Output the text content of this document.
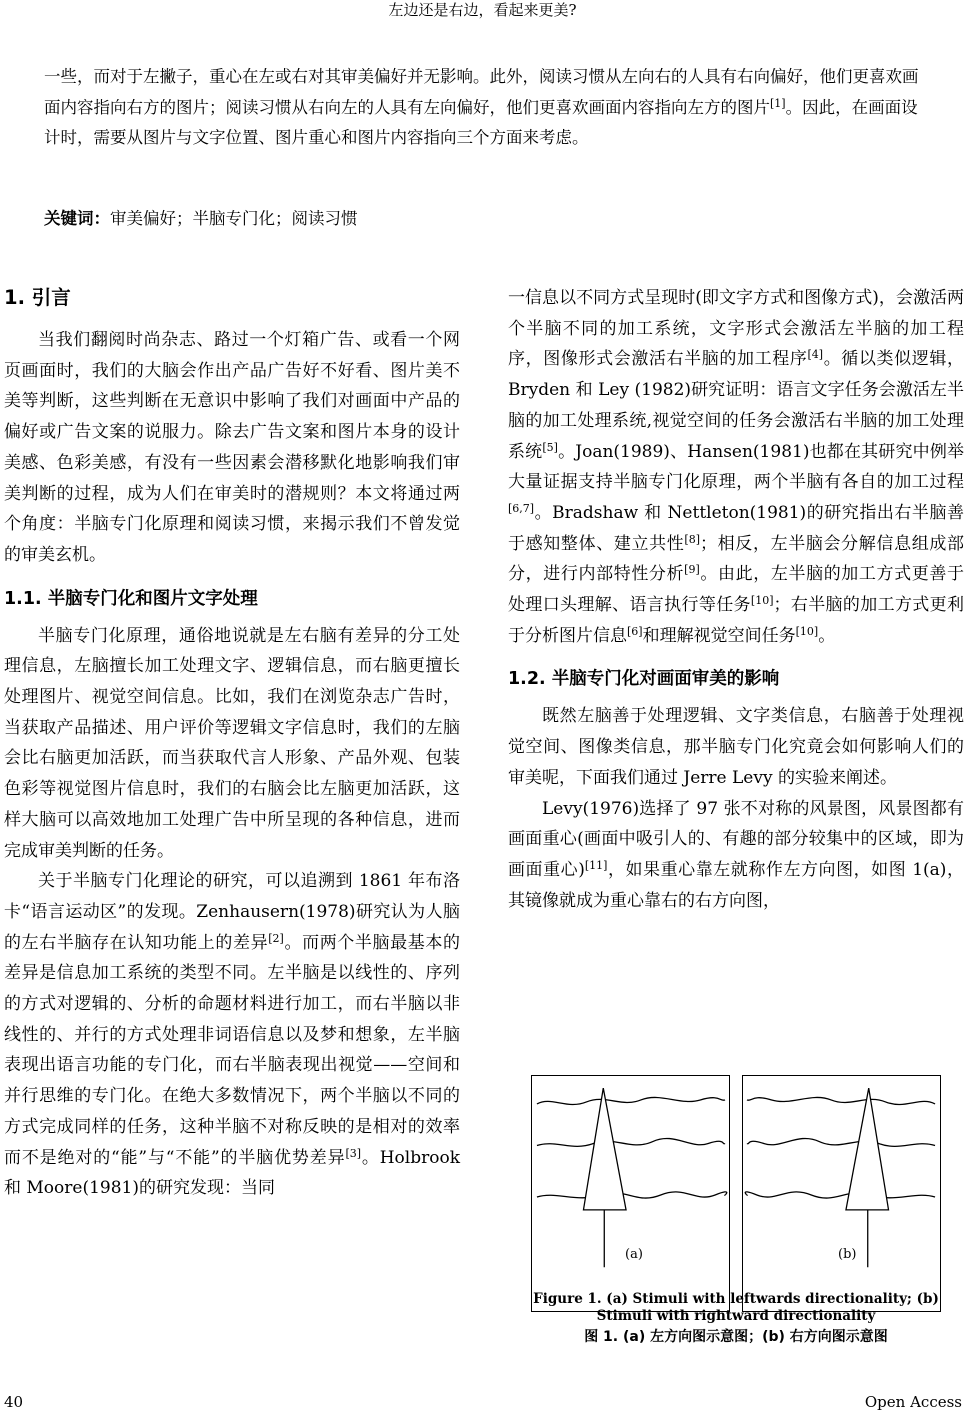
左边还是右边，看起来更美?
一些，而对于左撇子，重心在左或右对其审美偏好并无影响。此外，阅读习惯从左向右的人具有右向偏好，他们更喜欢画面内容指向右方的图片；阅读习惯从右向左的人具有左向偏好，他们更喜欢画面内容指向左方的图片[1]。因此，在画面设计时，需要从图片与文字位置、图片重心和图片内容指向三个方面来考虑。
关键词：审美偏好；半脑专门化；阅读习惯
1. 引言

当我们翻阅时尚杂志、路过一个灯箱广告、或看一个网页画面时，我们的大脑会作出产品广告好不好看、图片美不美等判断，这些判断在无意识中影响了我们对画面中产品的偏好或广告文案的说服力。除去广告文案和图片本身的设计美感、色彩美感，有没有一些因素会潜移默化地影响我们审美判断的过程，成为人们在审美时的潜规则？本文将通过两个角度：半脑专门化原理和阅读习惯，来揭示我们不曾发觉的审美玄机。

1.1. 半脑专门化和图片文字处理

半脑专门化原理，通俗地说就是左右脑有差异的分工处理信息，左脑擅长加工处理文字、逻辑信息，而右脑更擅长处理图片、视觉空间信息。比如，我们在浏览杂志广告时，当获取产品描述、用户评价等逻辑文字信息时，我们的左脑会比右脑更加活跃，而当获取代言人形象、产品外观、包装色彩等视觉图片信息时，我们的右脑会比左脑更加活跃，这样大脑可以高效地加工处理广告中所呈现的各种信息，进而完成审美判断的任务。

关于半脑专门化理论的研究，可以追溯到 1861 年布洛卡“语言运动区”的发现。Zenhausern(1978)研究认为人脑的左右半脑存在认知功能上的差异[2]。而两个半脑最基本的差异是信息加工系统的类型不同。左半脑是以线性的、序列的方式对逻辑的、分析的命题材料进行加工，而右半脑以非线性的、并行的方式处理非词语信息以及梦和想象，左半脑表现出语言功能的专门化，而右半脑表现出视觉——空间和并行思维的专门化。在绝大多数情况下，两个半脑以不同的方式完成同样的任务，这种半脑不对称反映的是相对的效率而不是绝对的“能”与“不能”的半脑优势差异[3]。Holbrook 和 Moore(1981)的研究发现：当同

一信息以不同方式呈现时(即文字方式和图像方式)，会激活两个半脑不同的加工系统，文字形式会激活左半脑的加工程序，图像形式会激活右半脑的加工程序[4]。循以类似逻辑，Bryden 和 Ley (1982)研究证明：语言文字任务会激活左半脑的加工处理系统,视觉空间的任务会激活右半脑的加工处理系统[5]。Joan(1989)、Hansen(1981)也都在其研究中例举大量证据支持半脑专门化原理，两个半脑有各自的加工过程[6,7]。Bradshaw 和 Nettleton(1981)的研究指出右半脑善于感知整体、建立共性[8]；相反，左半脑会分解信息组成部分，进行内部特性分析[9]。由此，左半脑的加工方式更善于处理口头理解、语言执行等任务[10]；右半脑的加工方式更利于分析图片信息[6]和理解视觉空间任务[10]。

1.2. 半脑专门化对画面审美的影响

既然左脑善于处理逻辑、文字类信息，右脑善于处理视觉空间、图像类信息，那半脑专门化究竟会如何影响人们的审美呢，下面我们通过 Jerre Levy 的实验来阐述。

Levy(1976)选择了 97 张不对称的风景图，风景图都有画面重心(画面中吸引人的、有趣的部分较集中的区域，即为画面重心)[11]，如果重心靠左就称作左方向图，如图 1(a)，其镜像就成为重心靠右的右方向图，

(a)	(b)
Figure 1. (a) Stimuli with leftwards directionality; (b) Stimuli with rightward directionality
图 1. (a) 左方向图示意图；(b) 右方向图示意图
40	Open Access
